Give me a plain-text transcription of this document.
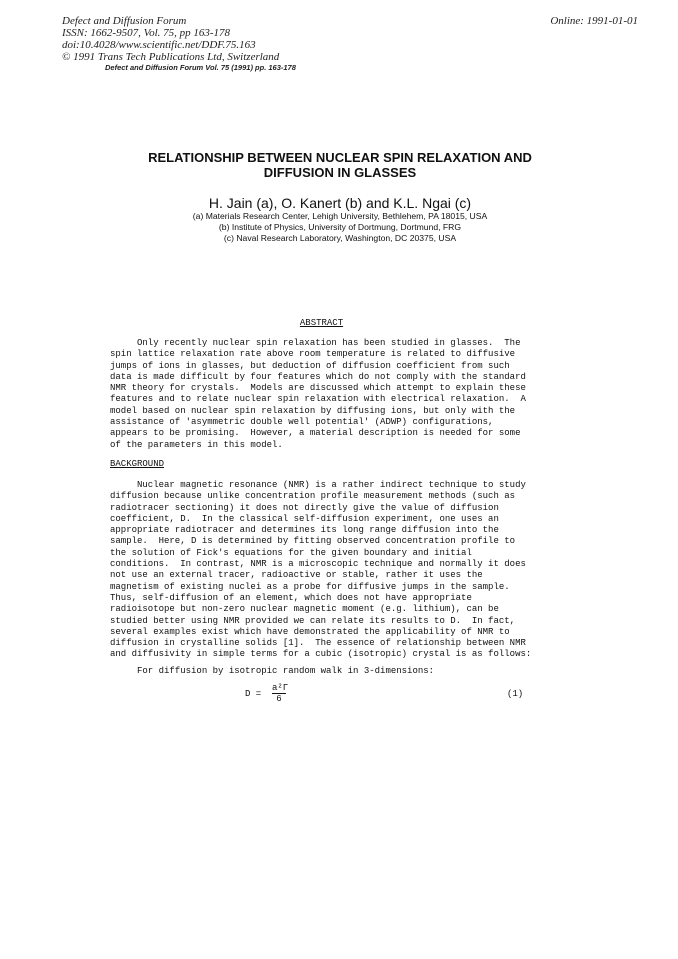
Defect and Diffusion Forum
ISSN: 1662-9507, Vol. 75, pp 163-178
doi:10.4028/www.scientific.net/DDF.75.163
© 1991 Trans Tech Publications Ltd, Switzerland
Online: 1991-01-01
Defect and Diffusion Forum Vol. 75 (1991) pp. 163-178
RELATIONSHIP BETWEEN NUCLEAR SPIN RELAXATION AND
DIFFUSION IN GLASSES
H. Jain (a), O. Kanert (b) and K.L. Ngai (c)
(a) Materials Research Center, Lehigh University, Bethlehem, PA 18015, USA
(b) Institute of Physics, University of Dortmung, Dortmund, FRG
(c) Naval Research Laboratory, Washington, DC 20375, USA
ABSTRACT
Only recently nuclear spin relaxation has been studied in glasses.  The
spin lattice relaxation rate above room temperature is related to diffusive
jumps of ions in glasses, but deduction of diffusion coefficient from such
data is made difficult by four features which do not comply with the standard
NMR theory for crystals.  Models are discussed which attempt to explain these
features and to relate nuclear spin relaxation with electrical relaxation.  A
model based on nuclear spin relaxation by diffusing ions, but only with the
assistance of 'asymmetric double well potential' (ADWP) configurations,
appears to be promising.  However, a material description is needed for some
of the parameters in this model.
BACKGROUND
Nuclear magnetic resonance (NMR) is a rather indirect technique to study
diffusion because unlike concentration profile measurement methods (such as
radiotracer sectioning) it does not directly give the value of diffusion
coefficient, D.  In the classical self-diffusion experiment, one uses an
appropriate radiotracer and determines its long range diffusion into the
sample.  Here, D is determined by fitting observed concentration profile to
the solution of Fick's equations for the given boundary and initial
conditions.  In contrast, NMR is a microscopic technique and normally it does
not use an external tracer, radioactive or stable, rather it uses the
magnetism of existing nuclei as a probe for diffusive jumps in the sample.
Thus, self-diffusion of an element, which does not have appropriate
radioisotope but non-zero nuclear magnetic moment (e.g. lithium), can be
studied better using NMR provided we can relate its results to D.  In fact,
several examples exist which have demonstrated the applicability of NMR to
diffusion in crystalline solids [1].  The essence of relationship between NMR
and diffusivity in simple terms for a cubic (isotropic) crystal is as follows:
For diffusion by isotropic random walk in 3-dimensions:
$D = \frac{\text{a²Γ}}{6}$	(1)
